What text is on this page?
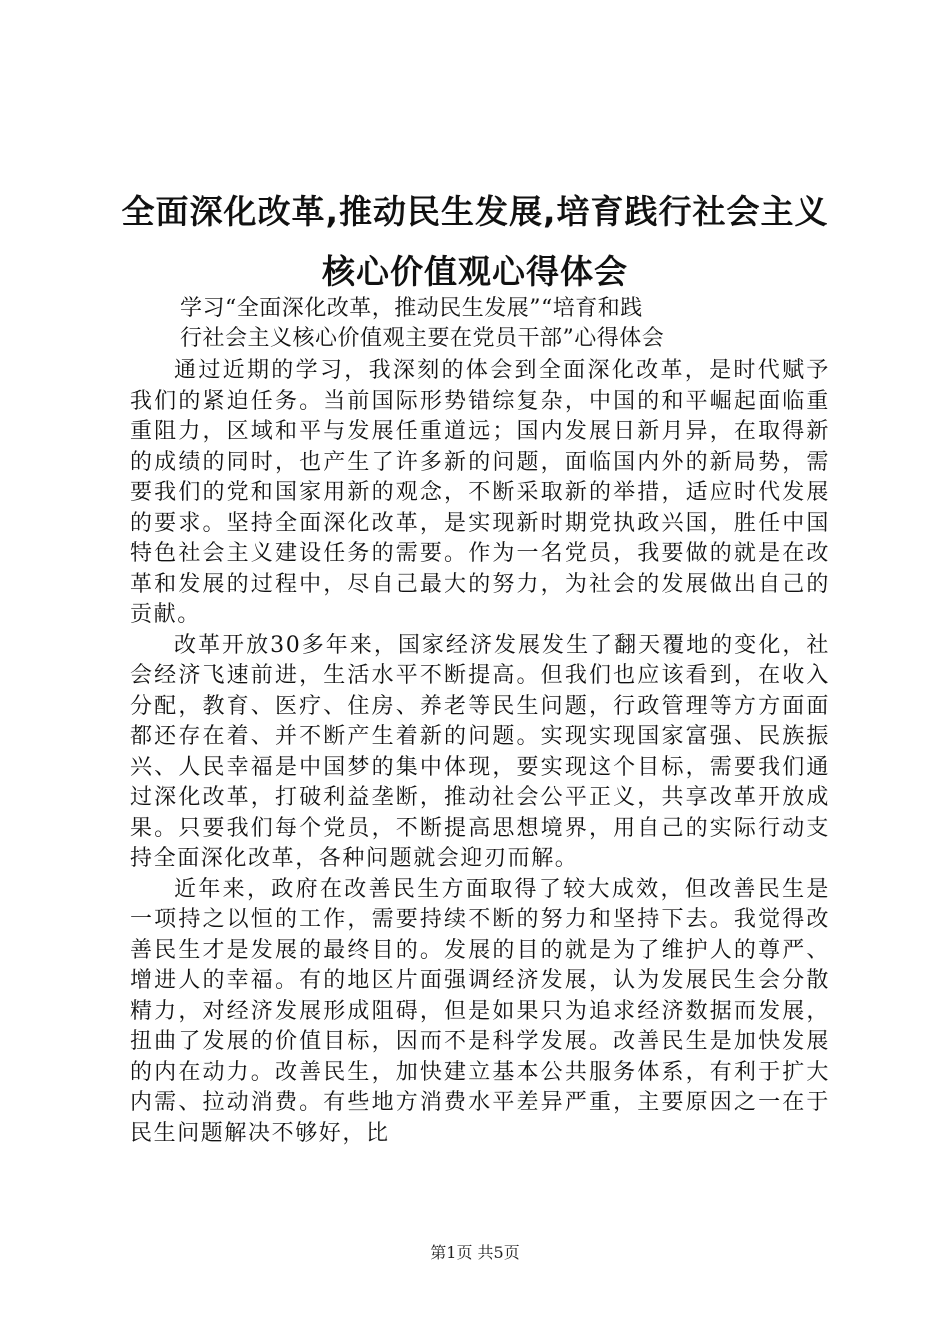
全面深化改革,推动民生发展,培育践行社会主义核心价值观心得体会
学习“全面深化改革，推动民生发展”“培育和践
行社会主义核心价值观主要在党员干部”心得体会

通过近期的学习，我深刻的体会到全面深化改革，是时代赋予我们的紧迫任务。当前国际形势错综复杂，中国的和平崛起面临重重阻力，区域和平与发展任重道远；国内发展日新月异，在取得新的成绩的同时，也产生了许多新的问题，面临国内外的新局势，需要我们的党和国家用新的观念，不断采取新的举措，适应时代发展的要求。坚持全面深化改革，是实现新时期党执政兴国，胜任中国特色社会主义建设任务的需要。作为一名党员，我要做的就是在改革和发展的过程中，尽自己最大的努力，为社会的发展做出自己的贡献。

改革开放30多年来，国家经济发展发生了翻天覆地的变化，社会经济飞速前进，生活水平不断提高。但我们也应该看到，在收入分配，教育、医疗、住房、养老等民生问题，行政管理等方方面面都还存在着、并不断产生着新的问题。实现实现国家富强、民族振兴、人民幸福是中国梦的集中体现，要实现这个目标，需要我们通过深化改革，打破利益垄断，推动社会公平正义，共享改革开放成果。只要我们每个党员，不断提高思想境界，用自己的实际行动支持全面深化改革，各种问题就会迎刃而解。

近年来，政府在改善民生方面取得了较大成效，但改善民生是一项持之以恒的工作，需要持续不断的努力和坚持下去。我觉得改善民生才是发展的最终目的。发展的目的就是为了维护人的尊严、增进人的幸福。有的地区片面强调经济发展，认为发展民生会分散精力，对经济发展形成阻碍，但是如果只为追求经济数据而发展，扭曲了发展的价值目标，因而不是科学发展。改善民生是加快发展的内在动力。改善民生，加快建立基本公共服务体系，有利于扩大内需、拉动消费。有些地方消费水平差异严重，主要原因之一在于民生问题解决不够好，比

第1页 共5页
